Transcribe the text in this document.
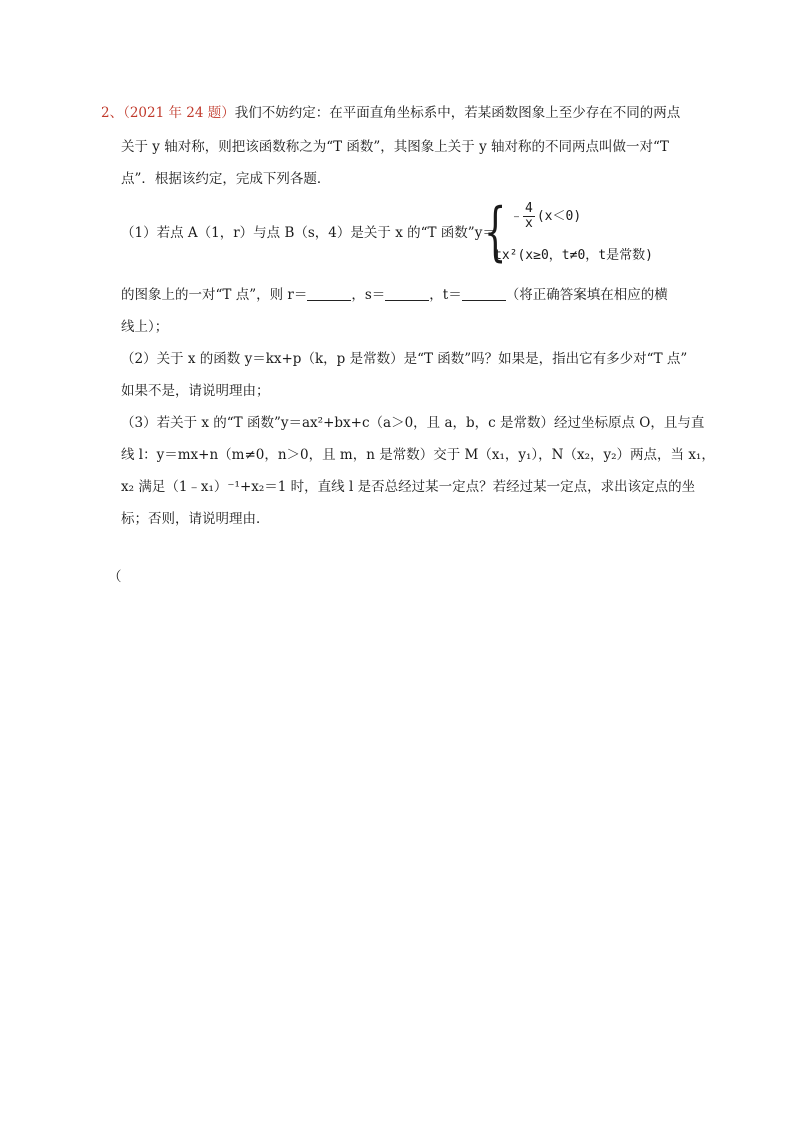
2、（2021 年 24 题）我们不妨约定：在平面直角坐标系中，若某函数图象上至少存在不同的两点
关于 y 轴对称，则把该函数称之为“T 函数”，其图象上关于 y 轴对称的不同两点叫做一对“T
点”．根据该约定，完成下列各题．
（1）若点 A（1，r）与点 B（s，4）是关于 x 的“T 函数”y＝
{ ﹣ $\frac{4}{x} (x<0)$
tx²(x≥0，t≠0，t是常数)
的图象上的一对“T 点”，则 r＝	，s＝	，t＝	（将正确答案填在相应的横
线上）；
（2）关于 x 的函数 y＝kx+p（k，p 是常数）是“T 函数”吗？如果是，指出它有多少对“T 点”
如果不是，请说明理由；
（3）若关于 x 的“T 函数”y＝ax²+bx+c（a＞0，且 a，b，c 是常数）经过坐标原点 O，且与直
线 l：y＝mx+n（m≠0，n＞0，且 m，n 是常数）交于 M（x₁，y₁），N（x₂，y₂）两点，当 x₁，
x₂ 满足（1﹣x₁）⁻¹+x₂＝1 时，直线 l 是否总经过某一定点？若经过某一定点，求出该定点的坐
标；否则，请说明理由．
（
